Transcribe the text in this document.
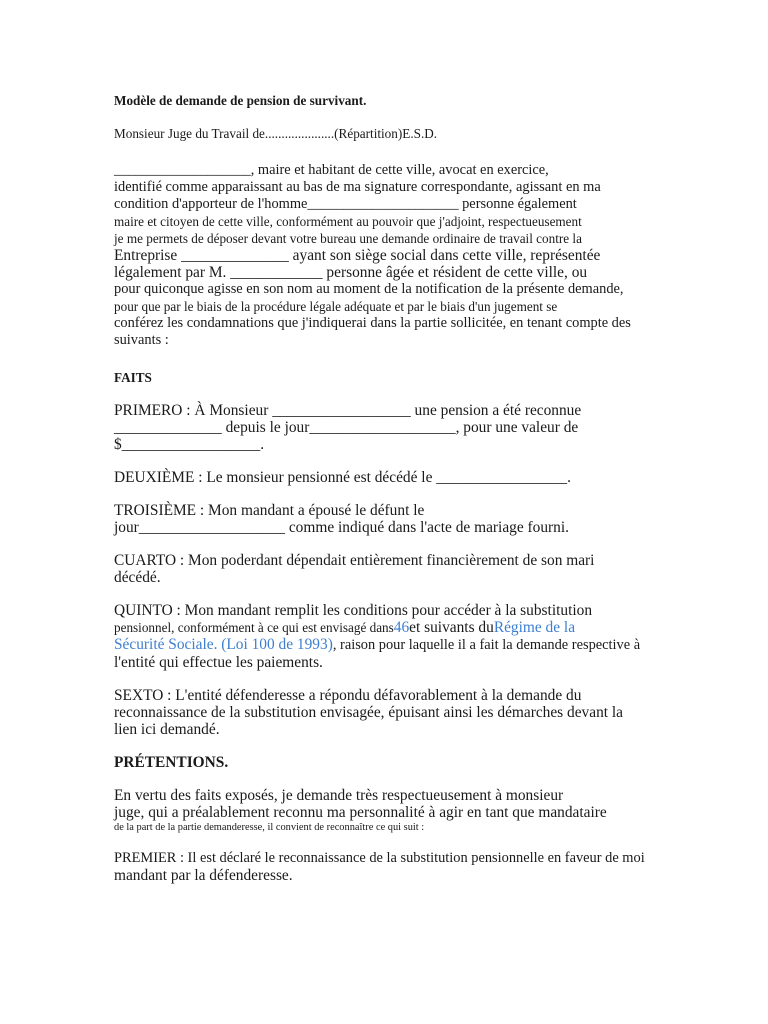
Modèle de demande de pension de survivant.
Monsieur Juge du Travail de.....................(Répartition)E.S.D.
___________________, maire et habitant de cette ville, avocat en exercice,
identifié comme apparaissant au bas de ma signature correspondante, agissant en ma
condition d'apporteur de l'homme_____________________ personne également
maire et citoyen de cette ville, conformément au pouvoir que j'adjoint, respectueusement
je me permets de déposer devant votre bureau une demande ordinaire de travail contre la
Entreprise ______________ ayant son siège social dans cette ville, représentée
légalement par M. ____________ personne âgée et résident de cette ville, ou
pour quiconque agisse en son nom au moment de la notification de la présente demande,
pour que par le biais de la procédure légale adéquate et par le biais d'un jugement se
conférez les condamnations que j'indiquerai dans la partie sollicitée, en tenant compte des
suivants :
FAITS
PRIMERO : À Monsieur __________________ une pension a été reconnue
______________ depuis le jour___________________, pour une valeur de
$__________________.
DEUXIÈME : Le monsieur pensionné est décédé le _________________.
TROISIÈME : Mon mandant a épousé le défunt le
jour___________________ comme indiqué dans l'acte de mariage fourni.
CUARTO : Mon poderdant dépendait entièrement financièrement de son mari
décédé.
QUINTO : Mon mandant remplit les conditions pour accéder à la substitution
pensionnel, conformément à ce qui est envisagé dans46et suivants duRégime de la
Sécurité Sociale. (Loi 100 de 1993), raison pour laquelle il a fait la demande respective à
l'entité qui effectue les paiements.
SEXTO : L'entité défenderesse a répondu défavorablement à la demande du
reconnaissance de la substitution envisagée, épuisant ainsi les démarches devant la
lien ici demandé.
PRÉTENTIONS.
En vertu des faits exposés, je demande très respectueusement à monsieur
juge, qui a préalablement reconnu ma personnalité à agir en tant que mandataire
de la part de la partie demanderesse, il convient de reconnaître ce qui suit :
PREMIER : Il est déclaré le reconnaissance de la substitution pensionnelle en faveur de moi
mandant par la défenderesse.
